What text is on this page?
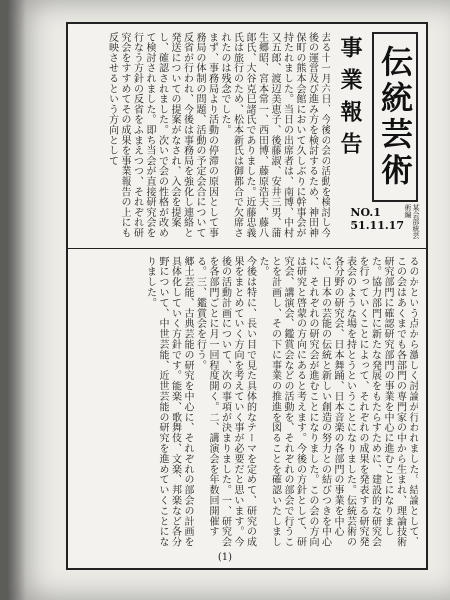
去る十一月六日、今後の会の活動を検討し今後の運営及び進み方を検討するため、神田神保町の熊本会館において久しぶりに幹事会が持たれました。当日の出席者は、南博、中村又五郎、渡辺美恵子、後藤淑、安井三男、蒲生郷昭、宮本常一、西田博、藤原浩夫、藤八郎氏、大谷克巳諸氏でありました。近藤忠義氏は旅行のため、松本新氏は御都合で欠席されたのは残念でした。
まず、事務局より活動の停滞の原因として事務局の体制の問題、活動の予定会合について反省が行われ、今後は事務局を強化し連絡と発送についての提案がなされ、入会を提案し、確認されました。次いで会の性格が改めて検討されました。即ち当会が直接研究会を行なう方針の反省をふまえつつ、それぞれ研究会をすすめてその成果を事業報告の上にも反映させるという方向として	事業報告 伝統芸術
NO.1
51.11.17	某会部統芸術編
るのかという点から激しく討論が行われました。結論として、この会はあくまでも各部門の専門家の中から生まれ、理論技術研究部門に確認研究部門の事業を中心に進むことになりました。協力部門に新たな発展をもたらすために、建設的な研究会を行っていくことによって、それぞれの成果を発表する研究発表会のような場を持とうということになりました。伝統芸術の各分野の研究会、日本舞踊、日本音楽の各部門の事業を中心に、日本の芸能の伝統と新しい創造の努力との結びつきを中心に、それぞれの研究会が進むことになりました。この会の方向は研究と啓蒙の方向にあると考えます。今後の方針として、研究会、講演会、鑑賞会などの活動を、それぞれの部会で行うことを計画し、その下に事業の推進を図ることを確認いたしました。
今後は特に、長い目で見た具体的なテーマを定めて、研究の成果をまとめていく方向を考えていく事が必要だと思います。今後の活動計画について、次の事項が決まりました。一、研究会を各部門ごとに月一回程度開く。二、講演会を年数回開催する。三、鑑賞会を行う。
郷土芸能、古典芸能の研究を中心に、それぞれの部会の計画を具体化していく方針です。能楽、歌舞伎、文楽、邦楽など各分野について、中世芸能、近世芸能の研究を進めていくことになりました。
(1)
